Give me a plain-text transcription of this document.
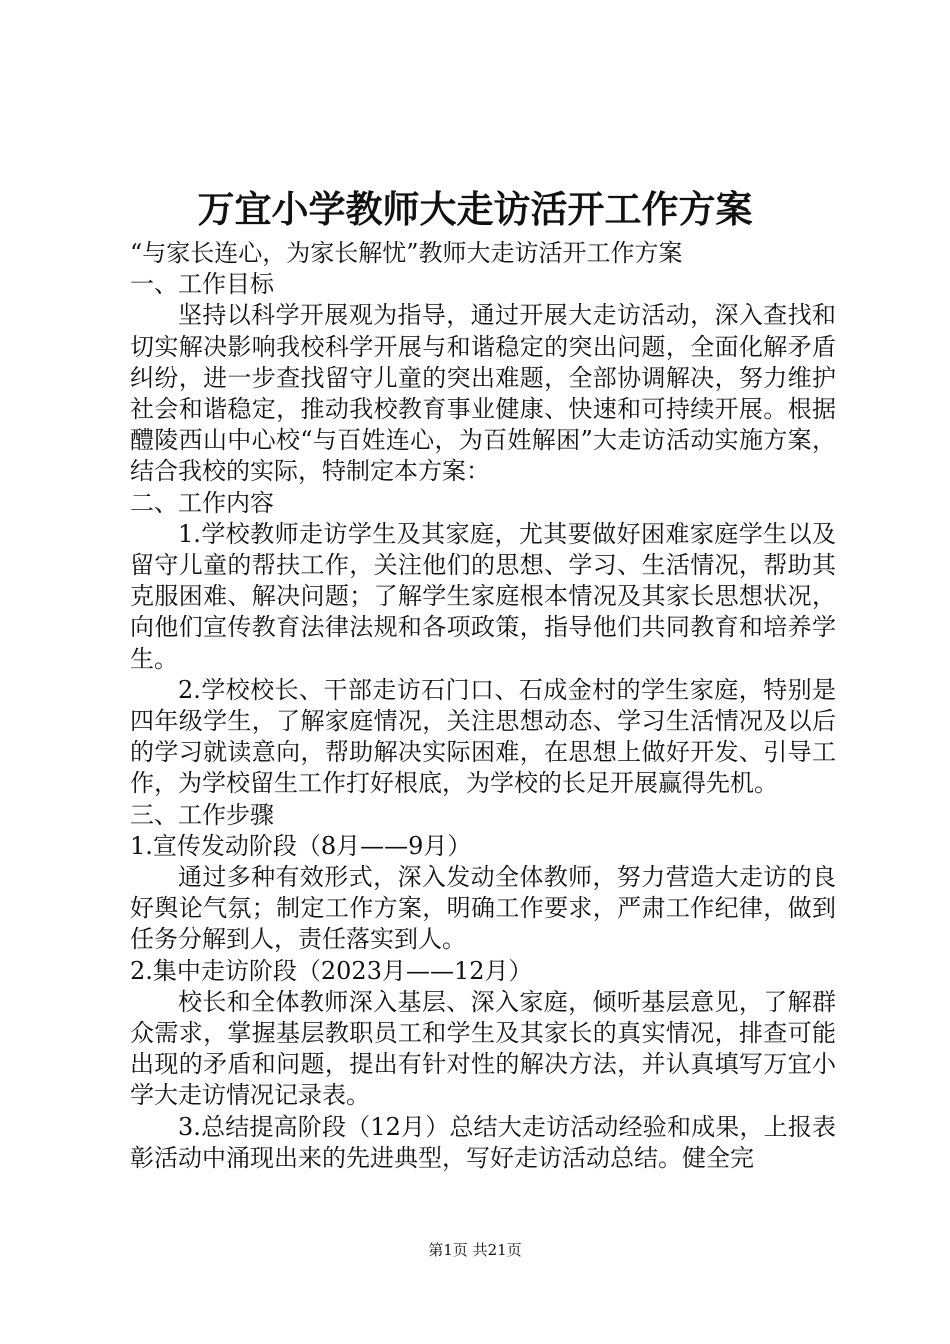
万宜小学教师大走访活开工作方案

“与家长连心，为家长解忧”教师大走访活开工作方案

一、工作目标

坚持以科学开展观为指导，通过开展大走访活动，深入查找和切实解决影响我校科学开展与和谐稳定的突出问题，全面化解矛盾纠纷，进一步查找留守儿童的突出难题，全部协调解决，努力维护社会和谐稳定，推动我校教育事业健康、快速和可持续开展。根据醴陵西山中心校“与百姓连心，为百姓解困”大走访活动实施方案，结合我校的实际，特制定本方案：

二、工作内容

1.学校教师走访学生及其家庭，尤其要做好困难家庭学生以及留守儿童的帮扶工作，关注他们的思想、学习、生活情况，帮助其克服困难、解决问题；了解学生家庭根本情况及其家长思想状况，向他们宣传教育法律法规和各项政策，指导他们共同教育和培养学生。

2.学校校长、干部走访石门口、石成金村的学生家庭，特别是四年级学生，了解家庭情况，关注思想动态、学习生活情况及以后的学习就读意向，帮助解决实际困难，在思想上做好开发、引导工作，为学校留生工作打好根底，为学校的长足开展赢得先机。

三、工作步骤

1.宣传发动阶段（8月——9月）

通过多种有效形式，深入发动全体教师，努力营造大走访的良好舆论气氛；制定工作方案，明确工作要求，严肃工作纪律，做到任务分解到人，责任落实到人。

2.集中走访阶段（2023月——12月）

校长和全体教师深入基层、深入家庭，倾听基层意见，了解群众需求，掌握基层教职员工和学生及其家长的真实情况，排查可能出现的矛盾和问题，提出有针对性的解决方法，并认真填写万宜小学大走访情况记录表。

3.总结提高阶段（12月）总结大走访活动经验和成果，上报表彰活动中涌现出来的先进典型，写好走访活动总结。健全完

第1页 共21页
